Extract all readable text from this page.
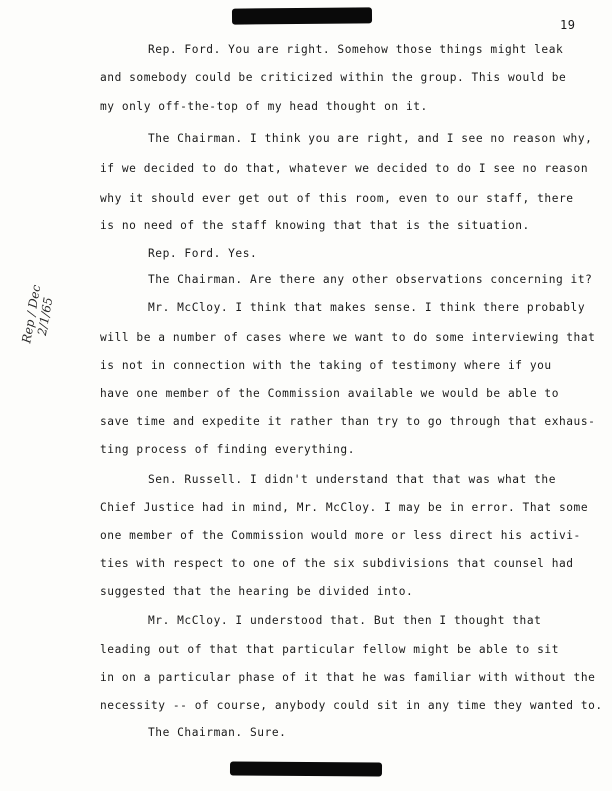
19
Rep / Dec 2/1/65
Rep. Ford. You are right. Somehow those things might leak
and somebody could be criticized within the group. This would be
my only off-the-top of my head thought on it.
The Chairman. I think you are right, and I see no reason why,
if we decided to do that, whatever we decided to do I see no reason
why it should ever get out of this room, even to our staff, there
is no need of the staff knowing that that is the situation.
Rep. Ford. Yes.
The Chairman. Are there any other observations concerning it?
Mr. McCloy. I think that makes sense. I think there probably
will be a number of cases where we want to do some interviewing that
is not in connection with the taking of testimony where if you
have one member of the Commission available we would be able to
save time and expedite it rather than try to go through that exhaus-
ting process of finding everything.
Sen. Russell. I didn't understand that that was what the
Chief Justice had in mind, Mr. McCloy. I may be in error. That some
one member of the Commission would more or less direct his activi-
ties with respect to one of the six subdivisions that counsel had
suggested that the hearing be divided into.
Mr. McCloy. I understood that. But then I thought that
leading out of that that particular fellow might be able to sit
in on a particular phase of it that he was familiar with without the
necessity -- of course, anybody could sit in any time they wanted to.
The Chairman. Sure.
